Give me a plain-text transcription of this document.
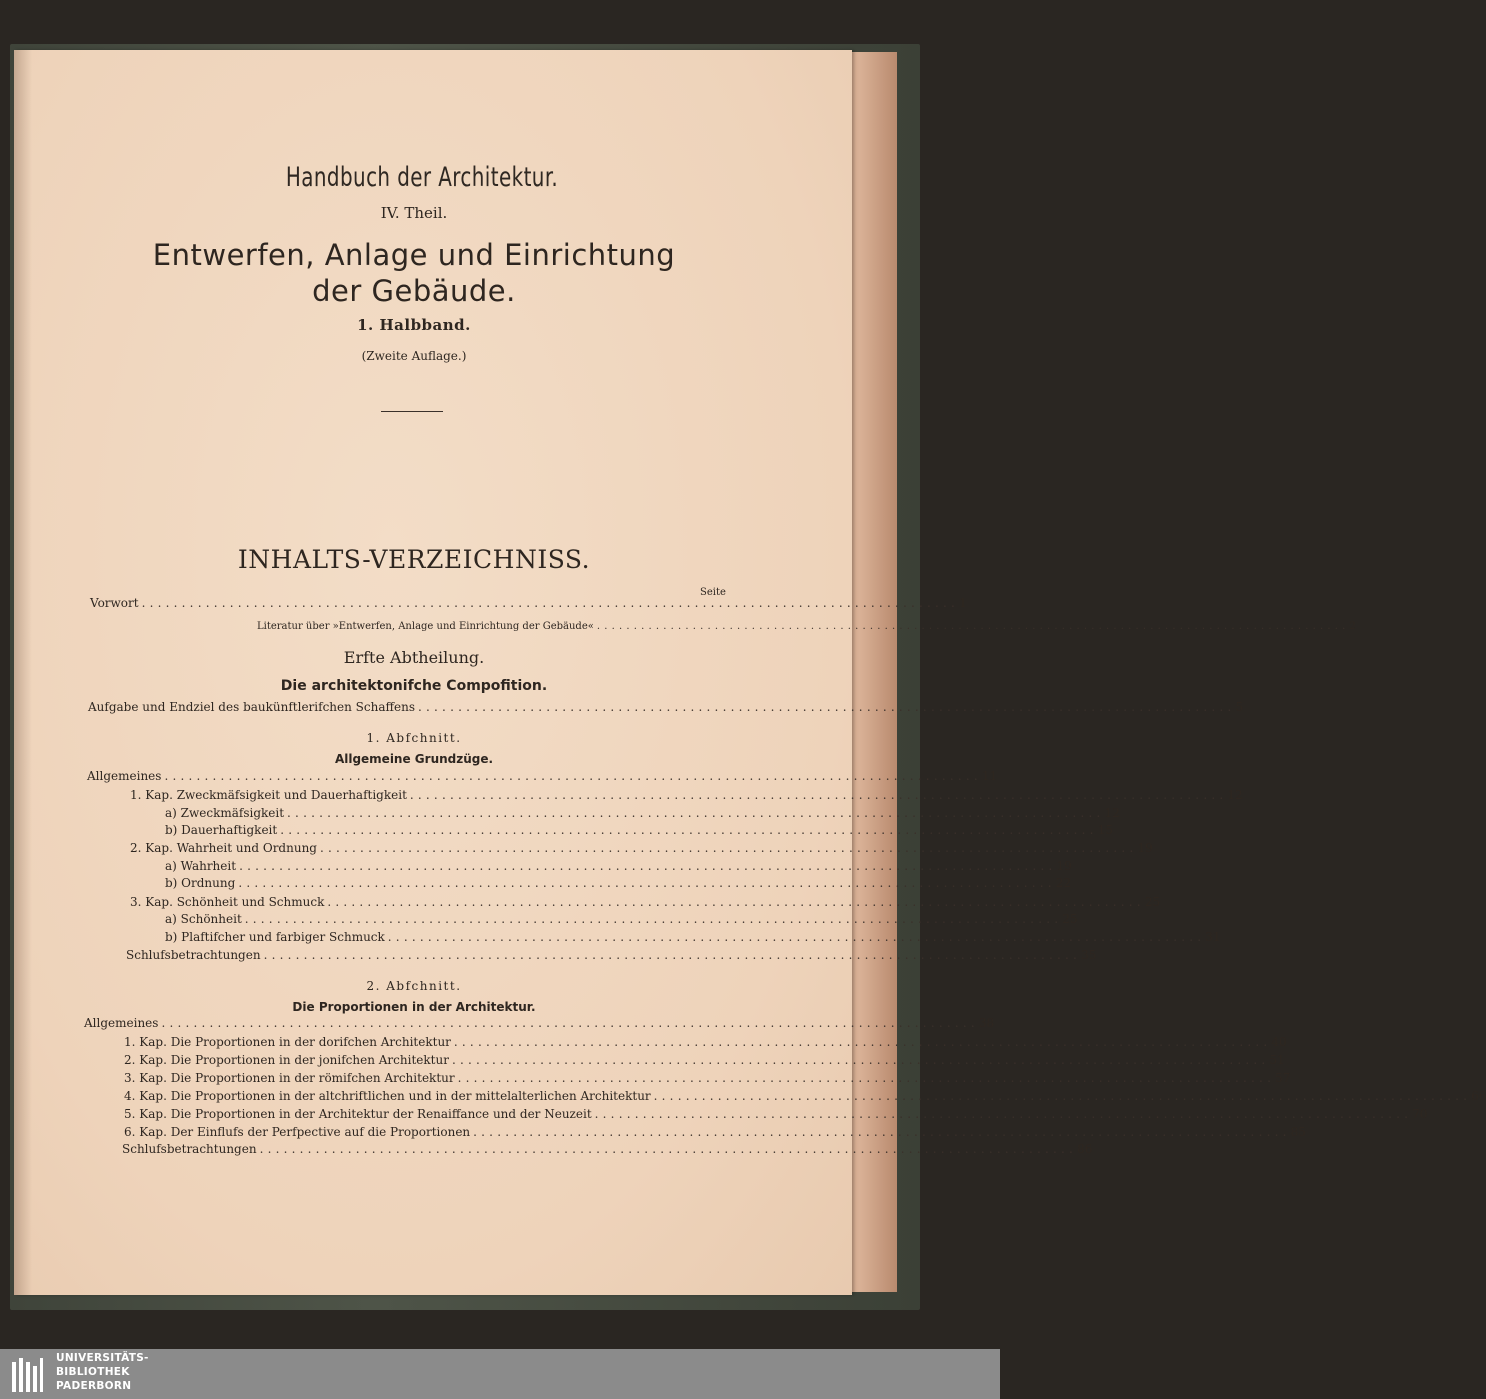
Handbuch der Architektur.
IV. Theil.
Entwerfen, Anlage und Einrichtung
der Gebäude.
1. Halbband.
(Zweite Auflage.)
INHALTS-VERZEICHNISS.
Seite
Vorwort ...................................................................................................... 1
Literatur über »Entwerfen, Anlage und Einrichtung der Gebäude« ...................................................................................................... 2
Erfte Abtheilung.
Die architektonifche Compofition.
Aufgabe und Endziel des baukünftlerifchen Schaffens ...................................................................................................... 5
1. Abfchnitt.
Allgemeine Grundzüge.
Allgemeines ...................................................................................................... 11
1. Kap. Zweckmäfsigkeit und Dauerhaftigkeit ...................................................................................................... 12
a) Zweckmäfsigkeit ...................................................................................................... 12
b) Dauerhaftigkeit ...................................................................................................... 15
2. Kap. Wahrheit und Ordnung ...................................................................................................... 19
a) Wahrheit ...................................................................................................... 19
b) Ordnung ...................................................................................................... 22
3. Kap. Schönheit und Schmuck ...................................................................................................... 25
a) Schönheit ...................................................................................................... 25
b) Plaftifcher und farbiger Schmuck ...................................................................................................... 31
Schlufsbetrachtungen ...................................................................................................... 35
2. Abfchnitt.
Die Proportionen in der Architektur.
Allgemeines ...................................................................................................... 38
1. Kap. Die Proportionen in der dorifchen Architektur ...................................................................................................... 40
2. Kap. Die Proportionen in der jonifchen Architektur ...................................................................................................... 51
3. Kap. Die Proportionen in der römifchen Architektur ...................................................................................................... 57
4. Kap. Die Proportionen in der altchriftlichen und in der mittelalterlichen Architektur ...................................................................................................... 66
5. Kap. Die Proportionen in der Architektur der Renaiffance und der Neuzeit ...................................................................................................... 70
6. Kap. Der Einflufs der Perfpective auf die Proportionen ...................................................................................................... 85
Schlufsbetrachtungen ...................................................................................................... 86
UNIVERSITÄTS-
BIBLIOTHEK
PADERBORN
